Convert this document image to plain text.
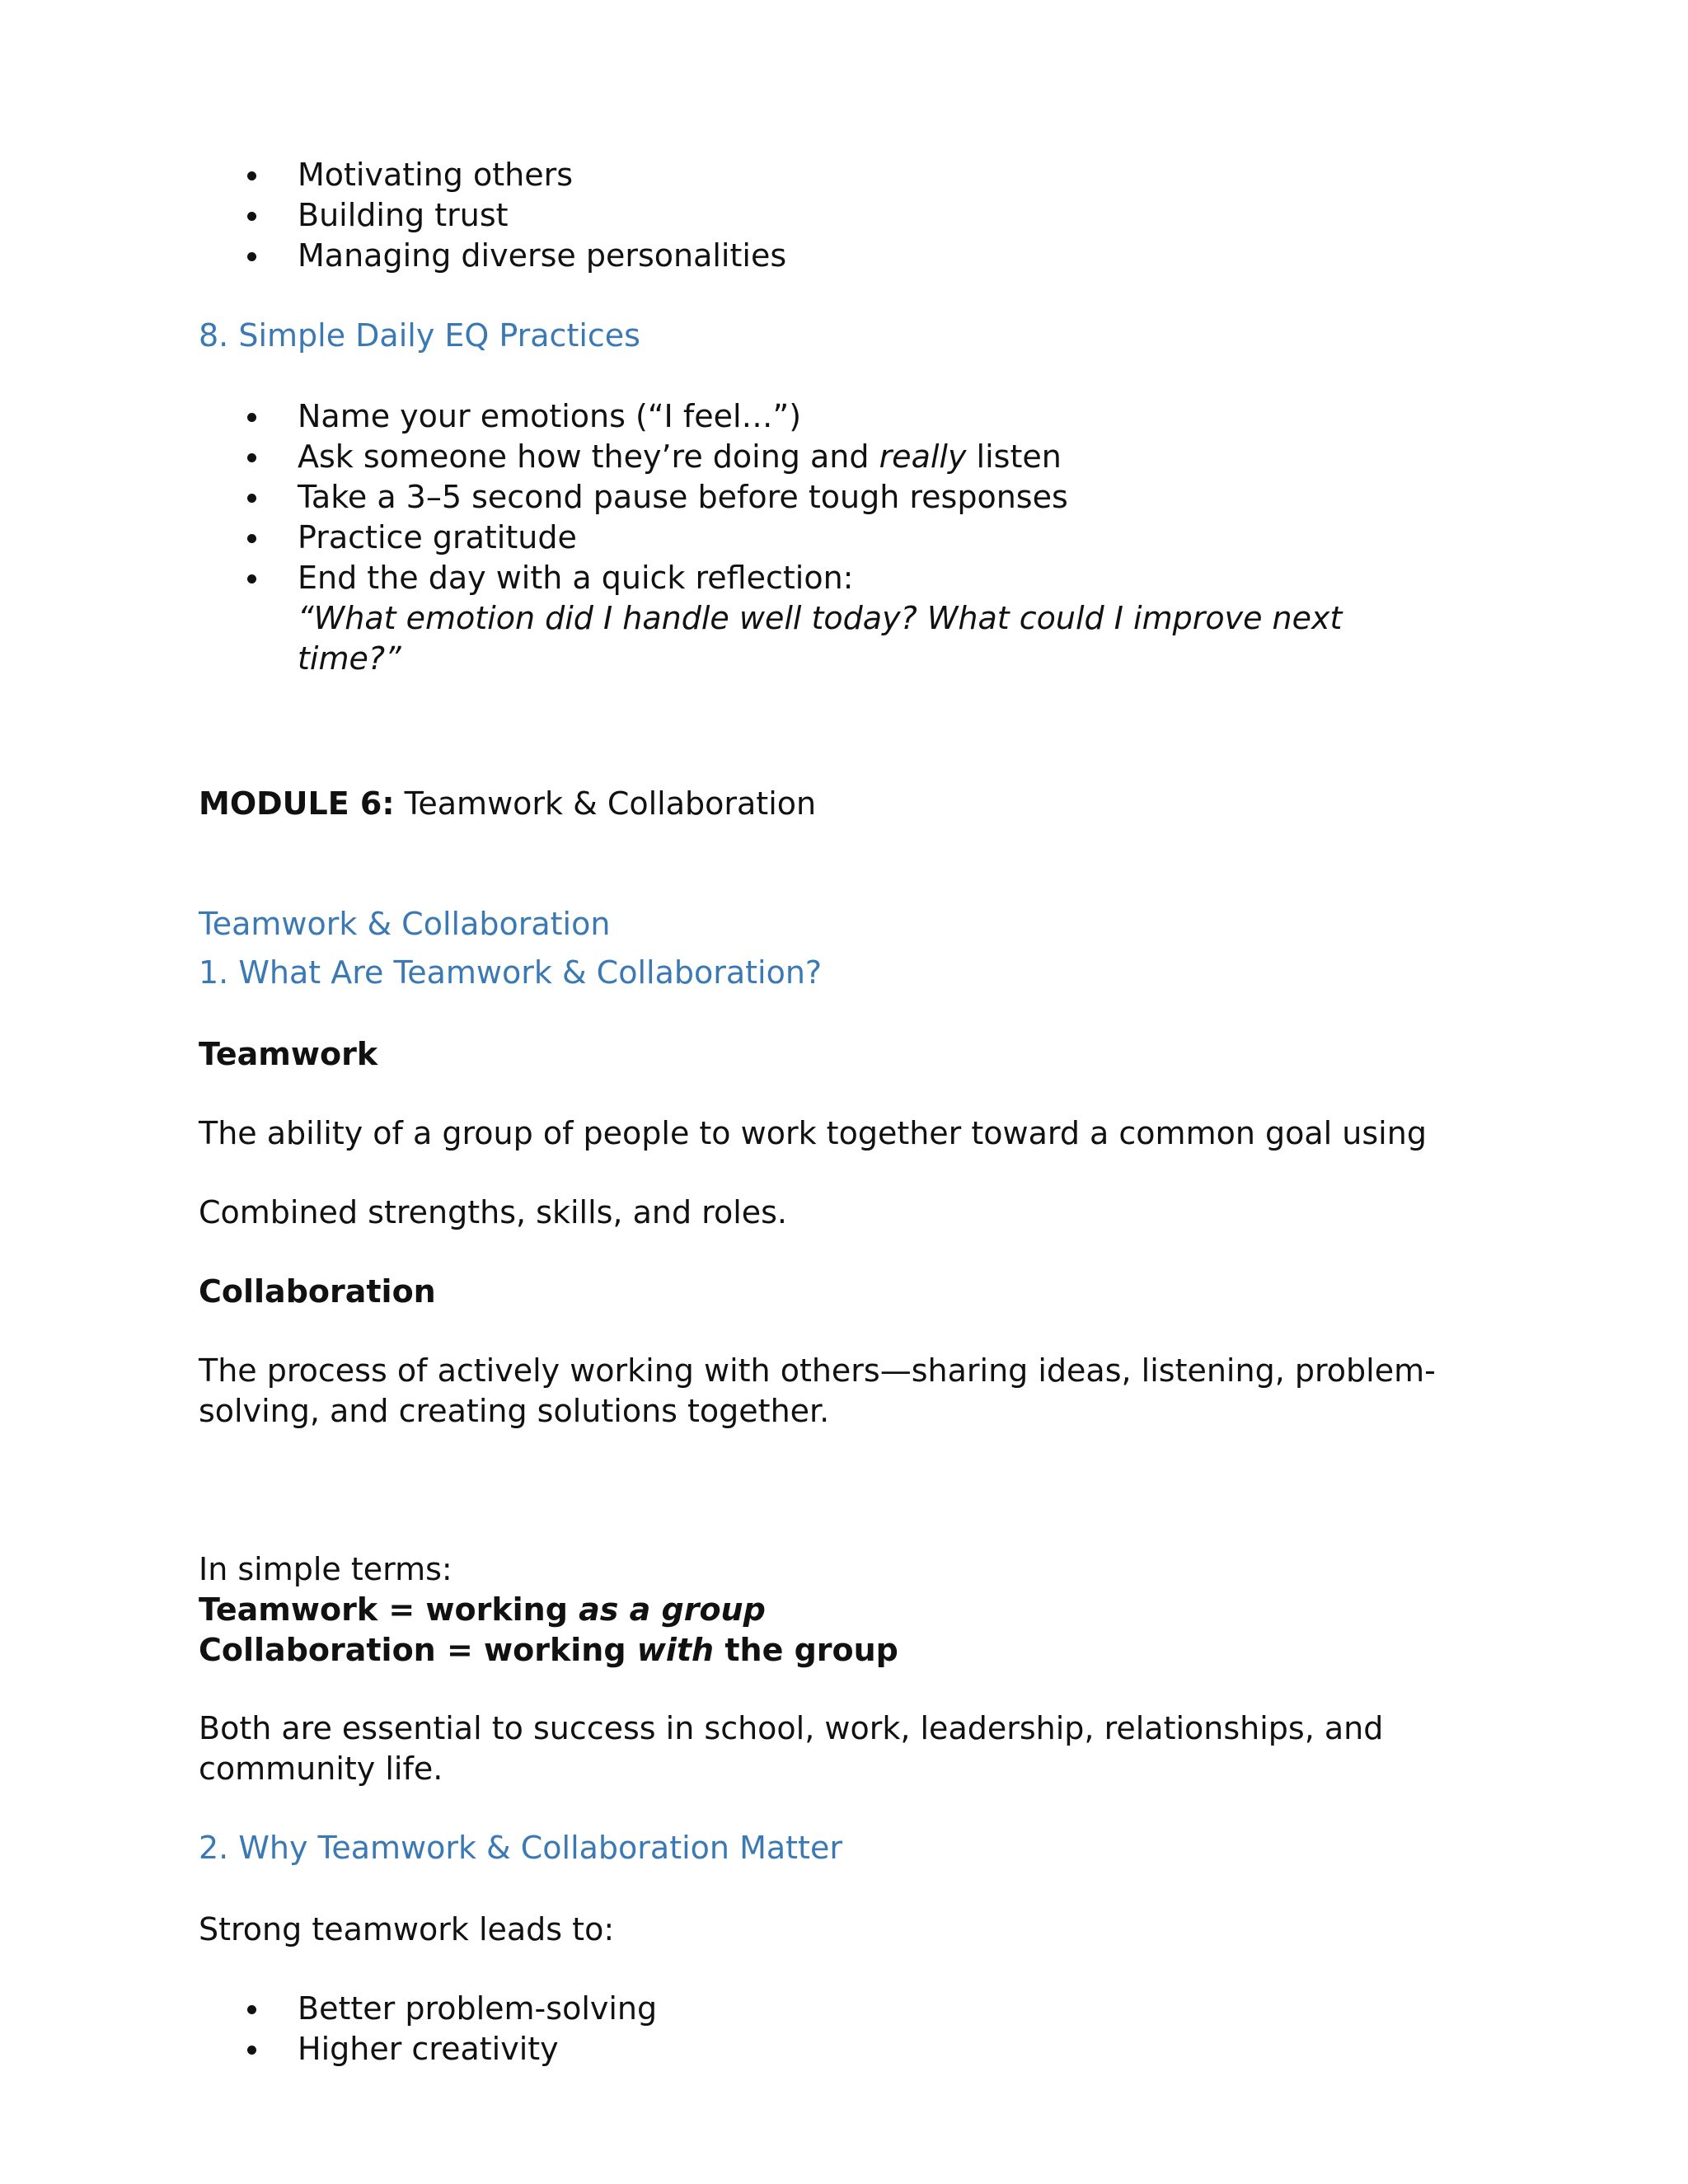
Motivating others
Building trust
Managing diverse personalities

8. Simple Daily EQ Practices

Name your emotions (“I feel…”)
Ask someone how they’re doing and really listen
Take a 3–5 second pause before tough responses
Practice gratitude
End the day with a quick reflection:
“What emotion did I handle well today? What could I improve next
time?”

MODULE 6: Teamwork & Collaboration

Teamwork & Collaboration

1. What Are Teamwork & Collaboration?

Teamwork

The ability of a group of people to work together toward a common goal using

Combined strengths, skills, and roles.

Collaboration

The process of actively working with others—sharing ideas, listening, problem-
solving, and creating solutions together.

In simple terms:
Teamwork = working as a group
Collaboration = working with the group

Both are essential to success in school, work, leadership, relationships, and
community life.

2. Why Teamwork & Collaboration Matter

Strong teamwork leads to:

Better problem-solving
Higher creativity
